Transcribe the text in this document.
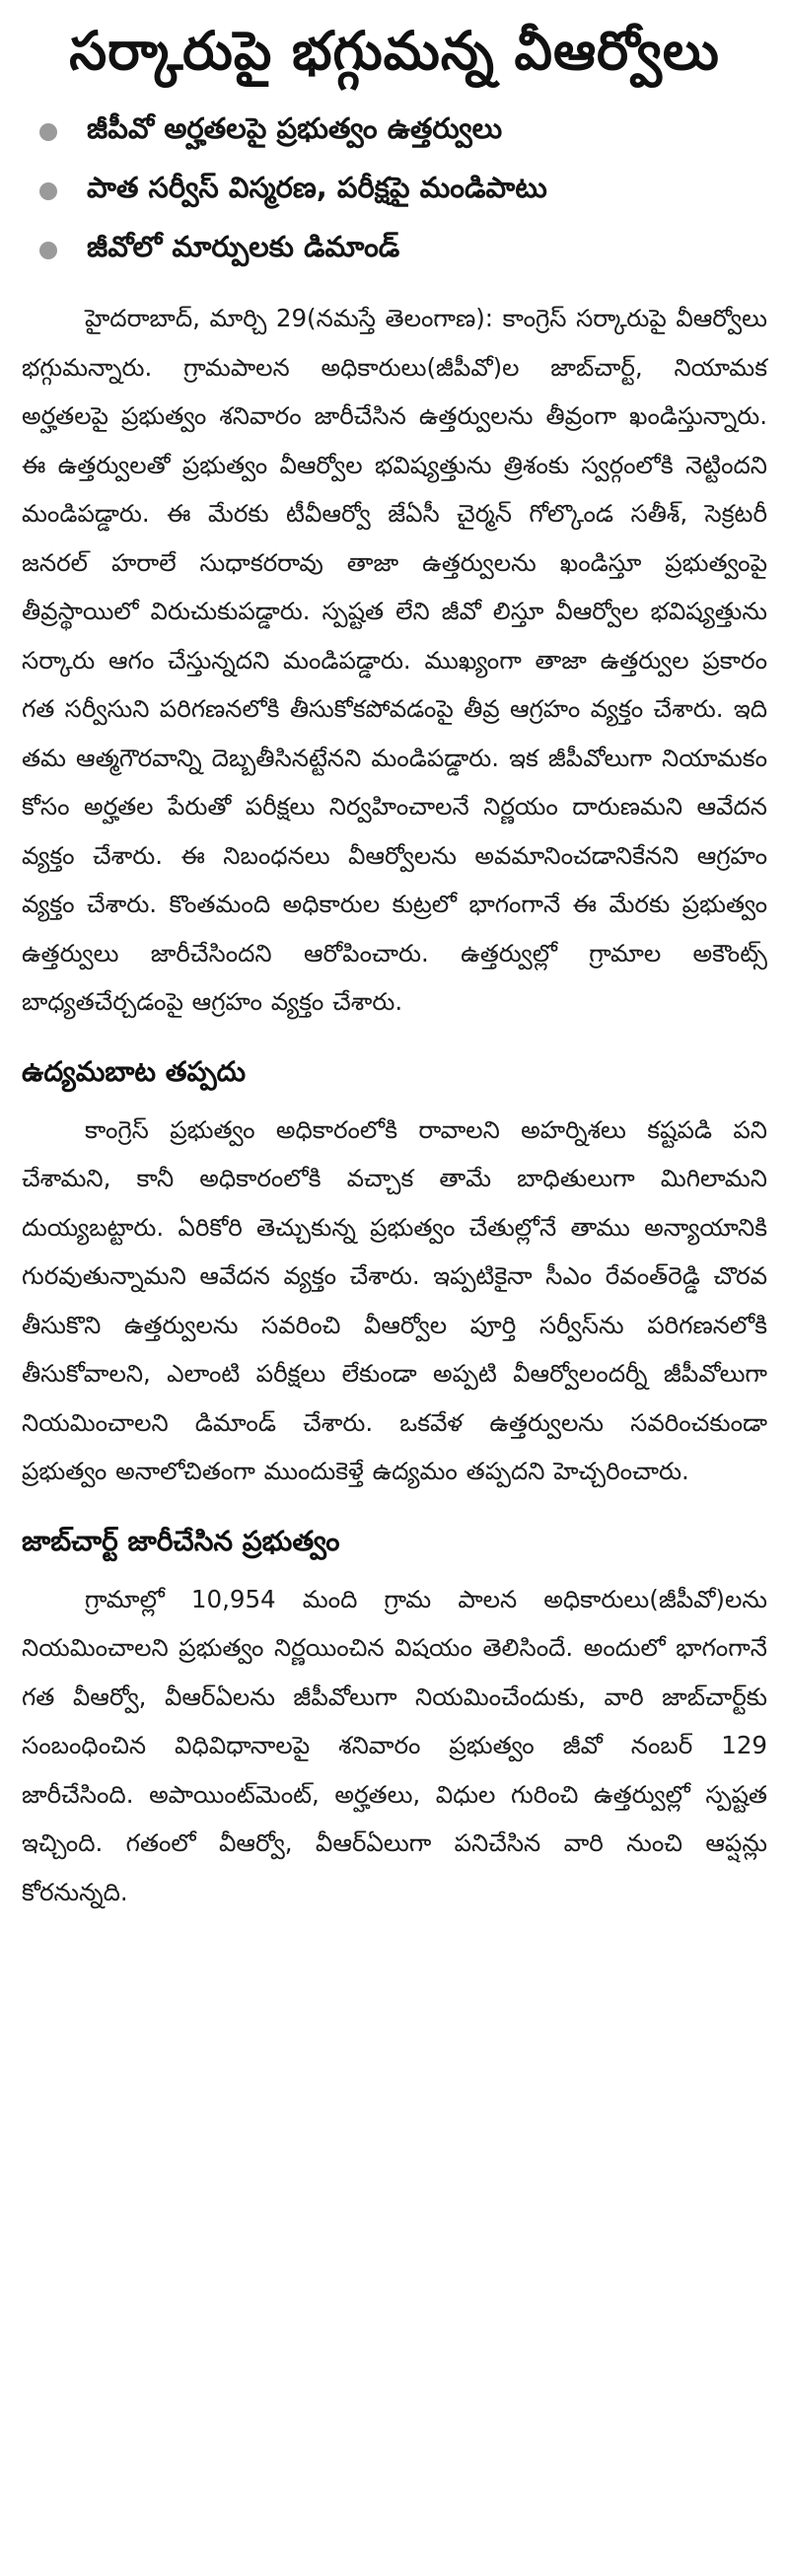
సర్కారుపై భగ్గుమన్న వీఆర్వోలు
జీపీవో అర్హతలపై ప్రభుత్వం ఉత్తర్వులు
పాత సర్వీస్ విస్మరణ, పరీక్షపై మండిపాటు
జీవోలో మార్పులకు డిమాండ్

హైదరాబాద్, మార్చి 29(నమస్తే తెలంగాణ): కాంగ్రెస్ సర్కారుపై వీఆర్వోలు భగ్గుమన్నారు. గ్రామపాలన అధికారులు(జీపీవో)ల జాబ్‌చార్ట్, నియామక అర్హతలపై ప్రభుత్వం శనివారం జారీచేసిన ఉత్తర్వులను తీవ్రంగా ఖండిస్తున్నారు. ఈ ఉత్తర్వులతో ప్రభుత్వం వీఆర్వోల భవిష్యత్తును త్రిశంకు స్వర్గంలోకి నెట్టిందని మండిపడ్డారు. ఈ మేరకు టీవీఆర్వో జేఏసీ చైర్మన్ గోల్కొండ సతీశ్, సెక్రటరీ జనరల్ హరాలే సుధాకరరావు తాజా ఉత్తర్వులను ఖండిస్తూ ప్రభుత్వంపై తీవ్రస్థాయిలో విరుచుకుపడ్డారు. స్పష్టత లేని జీవో లిస్తూ వీఆర్వోల భవిష్యత్తును సర్కారు ఆగం చేస్తున్నదని మండిపడ్డారు. ముఖ్యంగా తాజా ఉత్తర్వుల ప్రకారం గత సర్వీసుని పరిగణనలోకి తీసుకోకపోవడంపై తీవ్ర ఆగ్రహం వ్యక్తం చేశారు. ఇది తమ ఆత్మగౌరవాన్ని దెబ్బతీసినట్టేనని మండిపడ్డారు. ఇక జీపీవోలుగా నియామకం కోసం అర్హతల పేరుతో పరీక్షలు నిర్వహించాలనే నిర్ణయం దారుణమని ఆవేదన వ్యక్తం చేశారు. ఈ నిబంధనలు వీఆర్వోలను అవమానించడానికేనని ఆగ్రహం వ్యక్తం చేశారు. కొంతమంది అధికారుల కుట్రలో భాగంగానే ఈ మేరకు ప్రభుత్వం ఉత్తర్వులు జారీచేసిందని ఆరోపించారు. ఉత్తర్వుల్లో గ్రామాల అకౌంట్స్ బాధ్యతచేర్చడంపై ఆగ్రహం వ్యక్తం చేశారు.

ఉద్యమబాట తప్పదు

కాంగ్రెస్ ప్రభుత్వం అధికారంలోకి రావాలని అహర్నిశలు కష్టపడి పని చేశామని, కానీ అధికారంలోకి వచ్చాక తామే బాధితులుగా మిగిలామని దుయ్యబట్టారు. ఏరికోరి తెచ్చుకున్న ప్రభుత్వం చేతుల్లోనే తాము అన్యాయానికి గురవుతున్నామని ఆవేదన వ్యక్తం చేశారు. ఇప్పటికైనా సీఎం రేవంత్‌రెడ్డి చొరవ తీసుకొని ఉత్తర్వులను సవరించి వీఆర్వోల పూర్తి సర్వీస్‌ను పరిగణనలోకి తీసుకోవాలని, ఎలాంటి పరీక్షలు లేకుండా అప్పటి వీఆర్వోలందర్నీ జీపీవోలుగా నియమించాలని డిమాండ్ చేశారు. ఒకవేళ ఉత్తర్వులను సవరించకుండా ప్రభుత్వం అనాలోచితంగా ముందుకెళ్తే ఉద్యమం తప్పదని హెచ్చరించారు.

జాబ్‌చార్ట్ జారీచేసిన ప్రభుత్వం

గ్రామాల్లో 10,954 మంది గ్రామ పాలన అధికారులు(జీపీవో)లను నియమించాలని ప్రభుత్వం నిర్ణయించిన విషయం తెలిసిందే. అందులో భాగంగానే గత వీఆర్వో, వీఆర్ఏలను జీపీవోలుగా నియమించేందుకు, వారి జాబ్‌చార్ట్‌కు సంబంధించిన విధివిధానాలపై శనివారం ప్రభుత్వం జీవో నంబర్ 129 జారీచేసింది. అపాయింట్‌మెంట్, అర్హతలు, విధుల గురించి ఉత్తర్వుల్లో స్పష్టత ఇచ్చింది. గతంలో వీఆర్వో, వీఆర్ఏలుగా పనిచేసిన వారి నుంచి ఆప్షన్లు కోరనున్నది.
